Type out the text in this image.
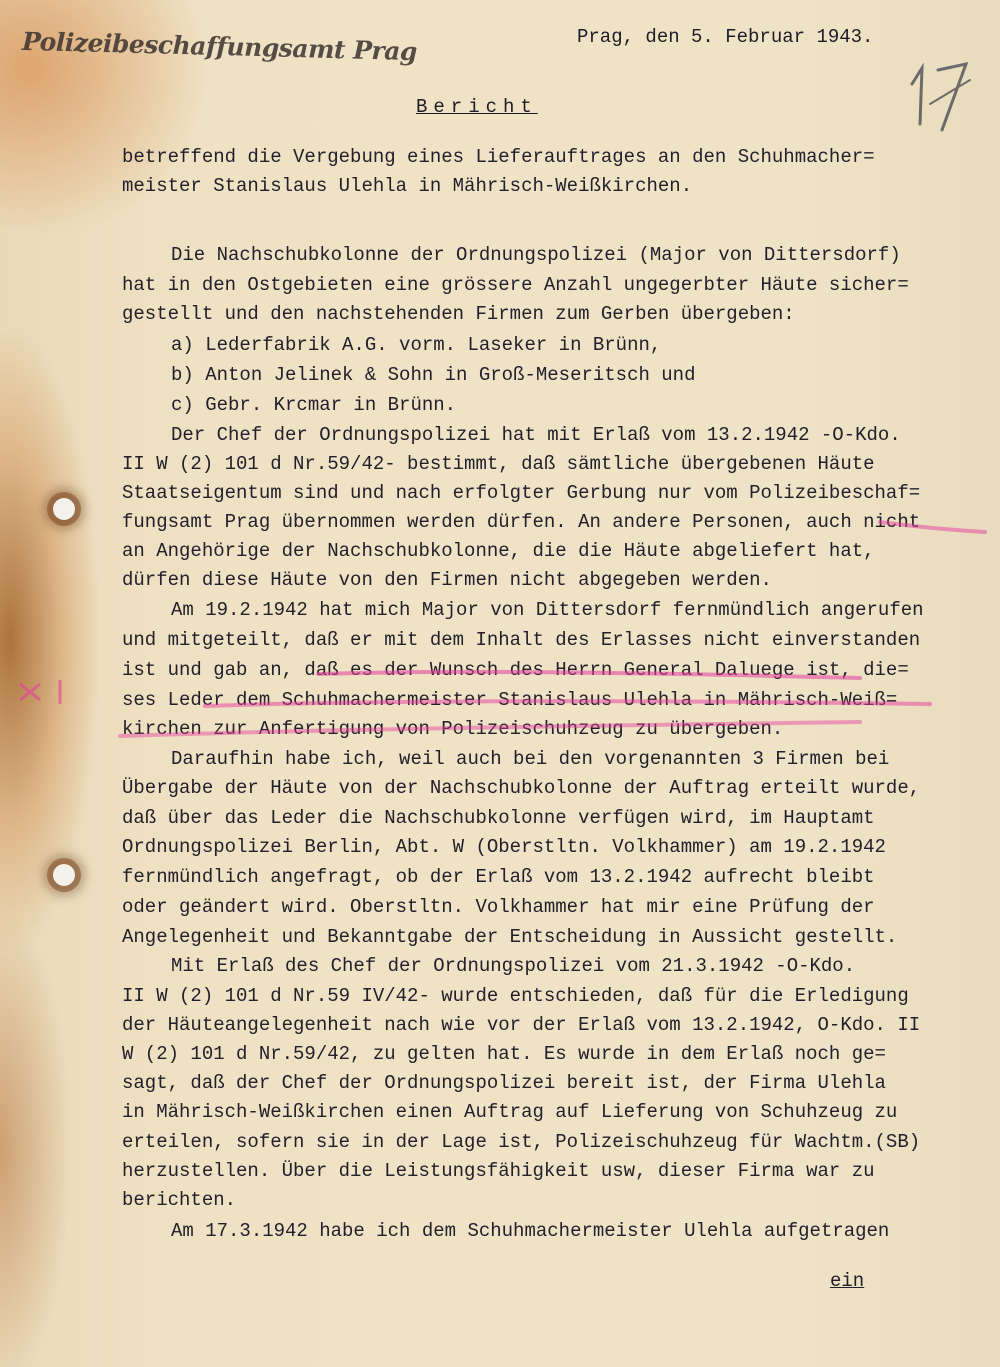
Polizeibeschaffungsamt Prag	Prag, den 5. Februar 1943.
Bericht
betreffend die Vergebung eines Lieferauftrages an den Schuhmacher=
meister Stanislaus Ulehla in Mährisch-Weißkirchen.
Die Nachschubkolonne der Ordnungspolizei (Major von Dittersdorf)
hat in den Ostgebieten eine grössere Anzahl ungegerbter Häute sicher=
gestellt und den nachstehenden Firmen zum Gerben übergeben:
a) Lederfabrik A.G. vorm. Laseker in Brünn,
b) Anton Jelinek & Sohn in Groß-Meseritsch und
c) Gebr. Krcmar in Brünn.
Der Chef der Ordnungspolizei hat mit Erlaß vom 13.2.1942 -O-Kdo.
II W (2) 101 d Nr.59/42- bestimmt, daß sämtliche übergebenen Häute
Staatseigentum sind und nach erfolgter Gerbung nur vom Polizeibeschaf=
fungsamt Prag übernommen werden dürfen. An andere Personen, auch nicht
an Angehörige der Nachschubkolonne, die die Häute abgeliefert hat,
dürfen diese Häute von den Firmen nicht abgegeben werden.
Am 19.2.1942 hat mich Major von Dittersdorf fernmündlich angerufen
und mitgeteilt, daß er mit dem Inhalt des Erlasses nicht einverstanden
ist und gab an, daß es der Wunsch des Herrn General Daluege ist, die=
ses Leder dem Schuhmachermeister Stanislaus Ulehla in Mährisch-Weiß=
kirchen zur Anfertigung von Polizeischuhzeug zu übergeben.
Daraufhin habe ich, weil auch bei den vorgenannten 3 Firmen bei
Übergabe der Häute von der Nachschubkolonne der Auftrag erteilt wurde,
daß über das Leder die Nachschubkolonne verfügen wird, im Hauptamt
Ordnungspolizei Berlin, Abt. W (Oberstltn. Volkhammer) am 19.2.1942
fernmündlich angefragt, ob der Erlaß vom 13.2.1942 aufrecht bleibt
oder geändert wird. Oberstltn. Volkhammer hat mir eine Prüfung der
Angelegenheit und Bekanntgabe der Entscheidung in Aussicht gestellt.
Mit Erlaß des Chef der Ordnungspolizei vom 21.3.1942 -O-Kdo.
II W (2) 101 d Nr.59 IV/42- wurde entschieden, daß für die Erledigung
der Häuteangelegenheit nach wie vor der Erlaß vom 13.2.1942, O-Kdo. II
W (2) 101 d Nr.59/42, zu gelten hat. Es wurde in dem Erlaß noch ge=
sagt, daß der Chef der Ordnungspolizei bereit ist, der Firma Ulehla
in Mährisch-Weißkirchen einen Auftrag auf Lieferung von Schuhzeug zu
erteilen, sofern sie in der Lage ist, Polizeischuhzeug für Wachtm.(SB)
herzustellen. Über die Leistungsfähigkeit usw, dieser Firma war zu
berichten.
Am 17.3.1942 habe ich dem Schuhmachermeister Ulehla aufgetragen
ein
